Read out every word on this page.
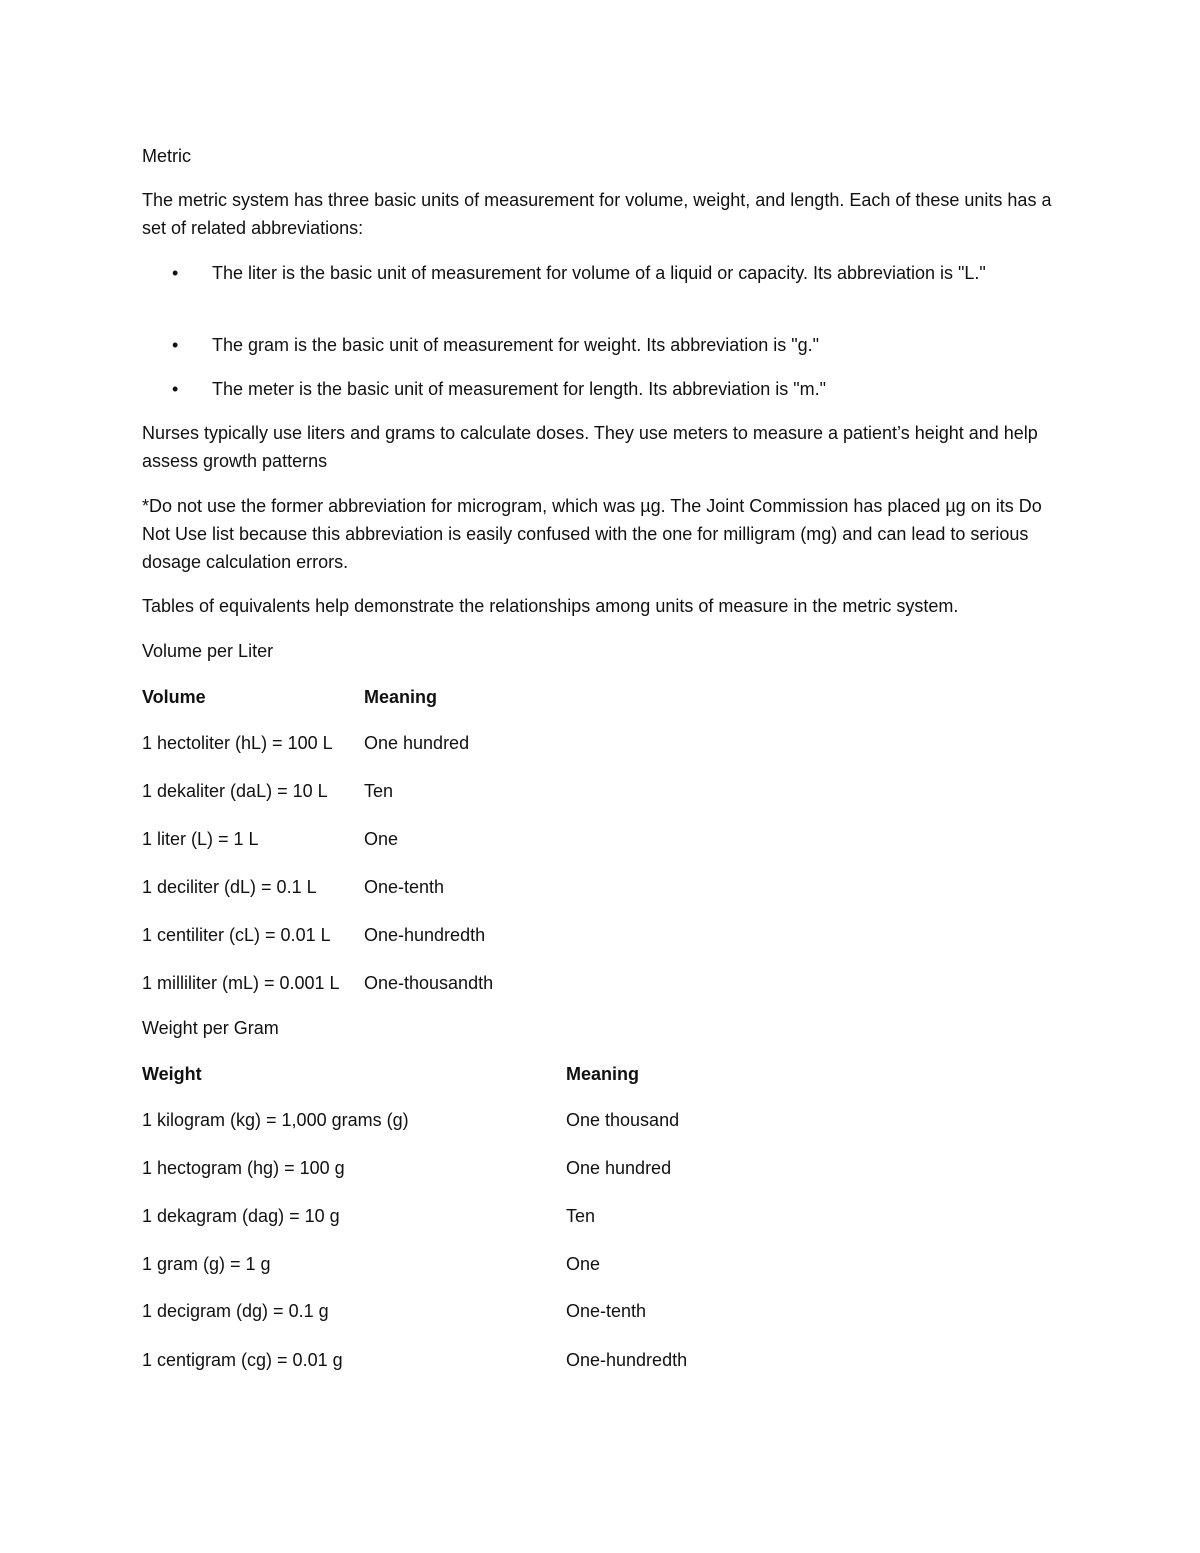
Metric
The metric system has three basic units of measurement for volume, weight, and length. Each of these units has a set of related abbreviations:
•	The liter is the basic unit of measurement for volume of a liquid or capacity. Its abbreviation is "L."
•	The gram is the basic unit of measurement for weight. Its abbreviation is "g."
•	The meter is the basic unit of measurement for length. Its abbreviation is "m."
Nurses typically use liters and grams to calculate doses. They use meters to measure a patient’s height and help assess growth patterns
*Do not use the former abbreviation for microgram, which was µg. The Joint Commission has placed µg on its Do Not Use list because this abbreviation is easily confused with the one for milligram (mg) and can lead to serious dosage calculation errors.
Tables of equivalents help demonstrate the relationships among units of measure in the metric system.
Volume per Liter
Volume	Meaning
1 hectoliter (hL) = 100 L One hundred
1 dekaliter (daL) = 10 L Ten
1 liter (L) = 1 L	One
1 deciliter (dL) = 0.1 L	One-tenth
1 centiliter (cL) = 0.01 L One-hundredth
1 milliliter (mL) = 0.001 L One-thousandth
Weight per Gram
Weight	Meaning
1 kilogram (kg) = 1,000 grams (g)	One thousand
1 hectogram (hg) = 100 g	One hundred
1 dekagram (dag) = 10 g	Ten
1 gram (g) = 1 g	One
1 decigram (dg) = 0.1 g	One-tenth
1 centigram (cg) = 0.01 g	One-hundredth
